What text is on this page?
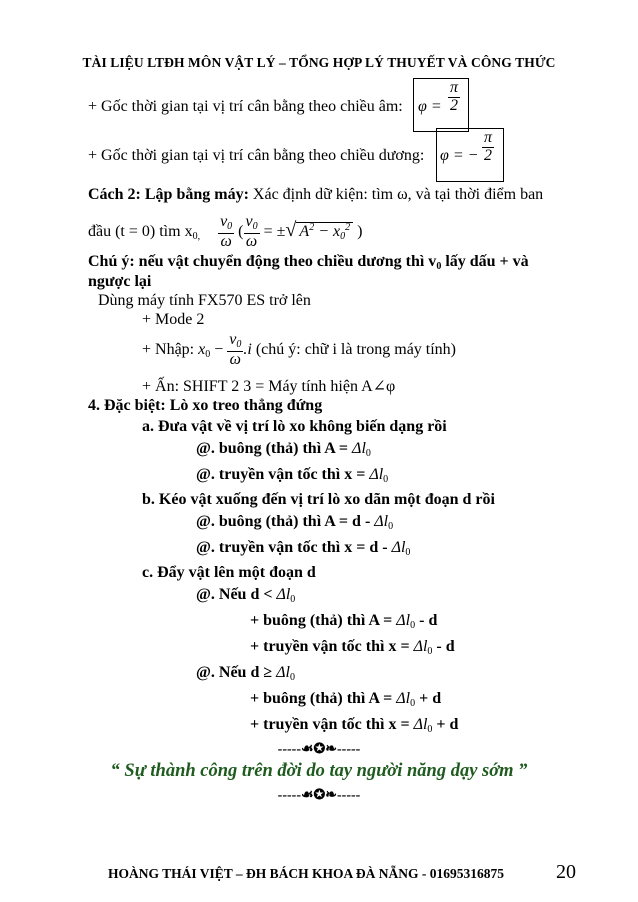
TÀI LIỆU LTĐH MÔN VẬT LÝ – TỔNG HỢP LÝ THUYẾT VÀ CÔNG THỨC
+ Gốc thời gian tại vị trí cân bằng theo chiều âm: $\varphi = \frac{\pi}{2}$
+ Gốc thời gian tại vị trí cân bằng theo chiều dương: φ = − $\frac{\pi}{2}$
Cách 2: Lập bằng máy: Xác định dữ kiện: tìm ω, và tại thời điểm ban
đầu (t = 0) tìm $x_{0,} \frac{v_0}{\omega}$ ( $\frac{v_0}{\omega}$ = ±√ $A^2 - x_0^2$ )
Chú ý: nếu vật chuyển động theo chiều dương thì $v_0$ lấy dấu + và
ngược lại
Dùng máy tính FX570 ES trở lên
+ Mode 2
+ Nhập: $x_0 - \frac{v_0}{\omega} .i$ (chú ý: chữ i là trong máy tính)
+ Ấn: SHIFT 2 3 = Máy tính hiện A∠φ
4. Đặc biệt: Lò xo treo thẳng đứng
a. Đưa vật về vị trí lò xo không biến dạng rồi
@. buông (thả) thì $A = \Delta l_0$
@. truyền vận tốc thì $x = \Delta l_0$
b. Kéo vật xuống đến vị trí lò xo dãn một đoạn d rồi
@. buông (thả) thì $A = d - \Delta l_0$
@. truyền vận tốc thì $x = d - \Delta l_0$
c. Đẩy vật lên một đoạn d
@. Nếu $d < \Delta l_0$
+ buông (thả) thì $A = \Delta l_0 - d$
+ truyền vận tốc thì $x = \Delta l_0 - d$
@. Nếu $d \ge \Delta l_0$
+ buông (thả) thì $A = \Delta l_0 + d$
+ truyền vận tốc thì $x = \Delta l_0 + d$
-----☙✪❧-----
“ Sự thành công trên đời do tay người năng dạy sớm ”
-----☙✪❧-----
HOÀNG THÁI VIỆT – ĐH BÁCH KHOA ĐÀ NẴNG - 01695316875	20
